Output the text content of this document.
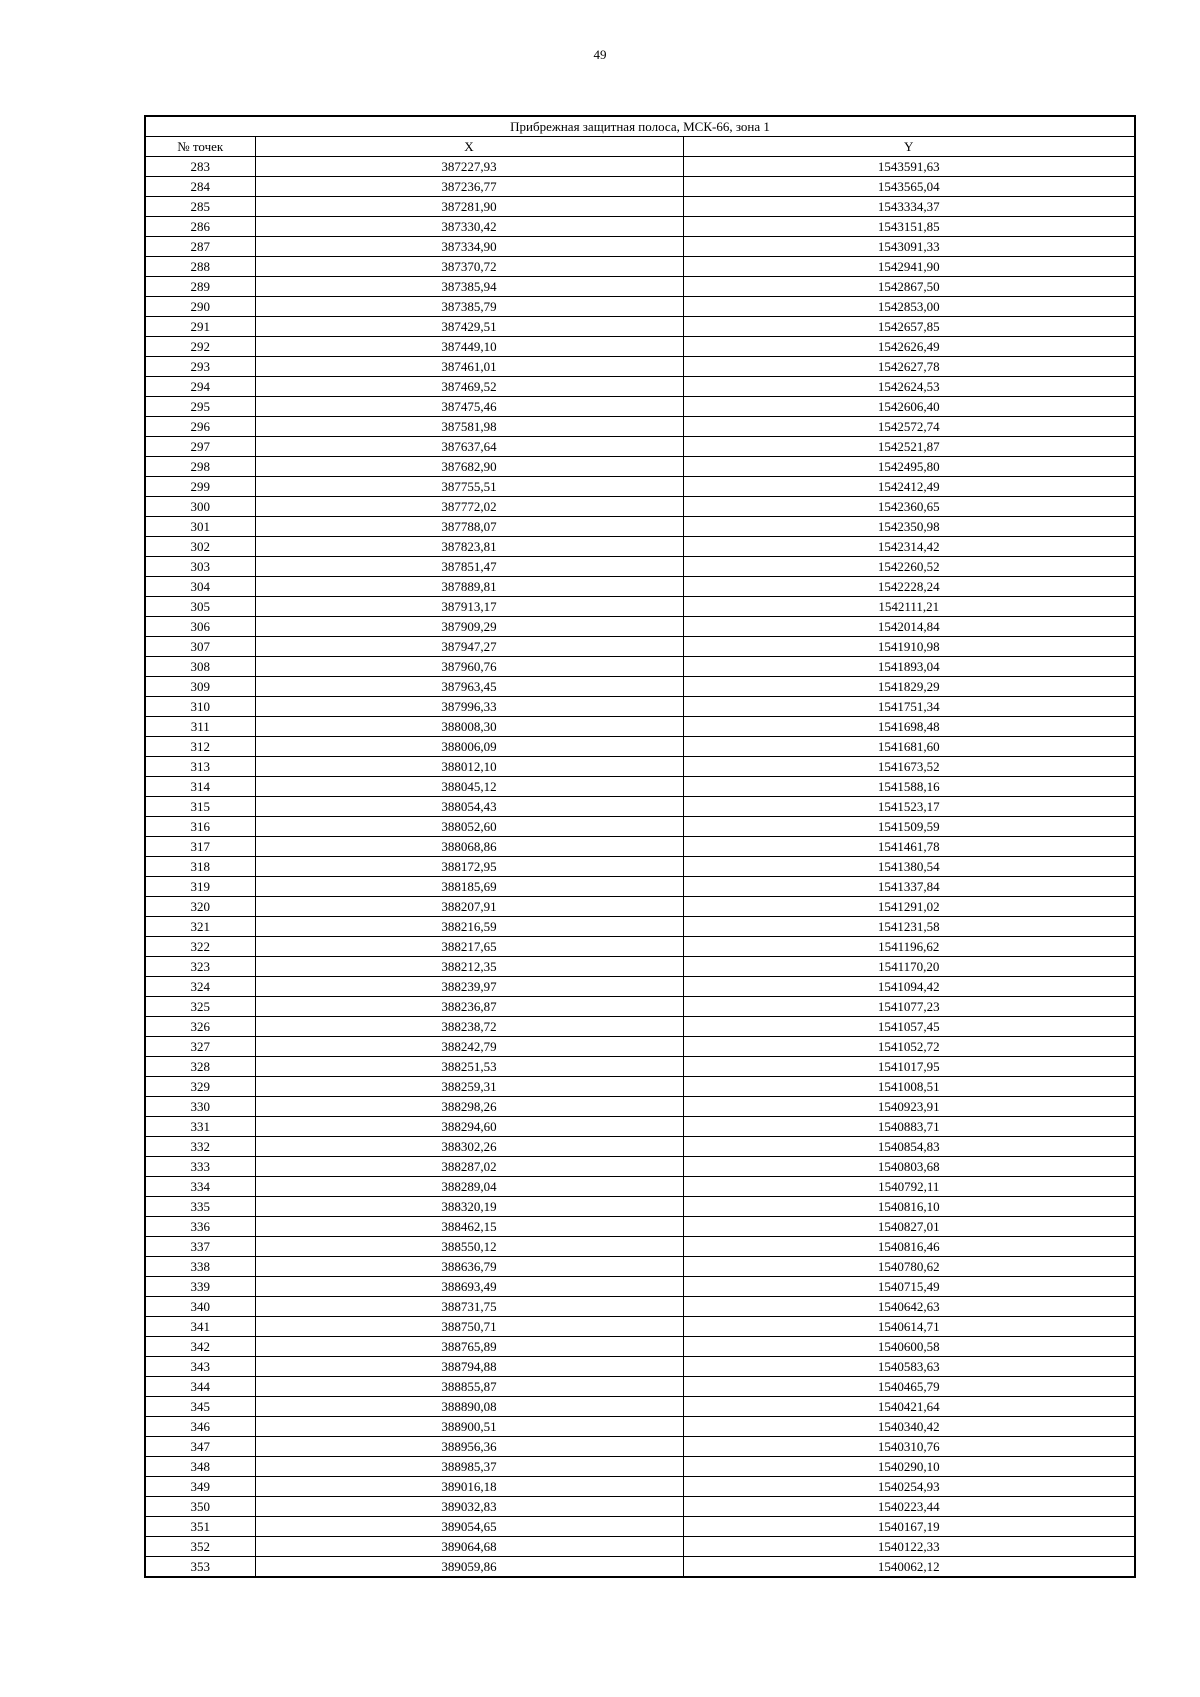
49
Прибрежная защитная полоса, МСК-66, зона 1		
№ точек	X	Y
283	387227,93	1543591,63
284	387236,77	1543565,04
285	387281,90	1543334,37
286	387330,42	1543151,85
287	387334,90	1543091,33
288	387370,72	1542941,90
289	387385,94	1542867,50
290	387385,79	1542853,00
291	387429,51	1542657,85
292	387449,10	1542626,49
293	387461,01	1542627,78
294	387469,52	1542624,53
295	387475,46	1542606,40
296	387581,98	1542572,74
297	387637,64	1542521,87
298	387682,90	1542495,80
299	387755,51	1542412,49
300	387772,02	1542360,65
301	387788,07	1542350,98
302	387823,81	1542314,42
303	387851,47	1542260,52
304	387889,81	1542228,24
305	387913,17	1542111,21
306	387909,29	1542014,84
307	387947,27	1541910,98
308	387960,76	1541893,04
309	387963,45	1541829,29
310	387996,33	1541751,34
311	388008,30	1541698,48
312	388006,09	1541681,60
313	388012,10	1541673,52
314	388045,12	1541588,16
315	388054,43	1541523,17
316	388052,60	1541509,59
317	388068,86	1541461,78
318	388172,95	1541380,54
319	388185,69	1541337,84
320	388207,91	1541291,02
321	388216,59	1541231,58
322	388217,65	1541196,62
323	388212,35	1541170,20
324	388239,97	1541094,42
325	388236,87	1541077,23
326	388238,72	1541057,45
327	388242,79	1541052,72
328	388251,53	1541017,95
329	388259,31	1541008,51
330	388298,26	1540923,91
331	388294,60	1540883,71
332	388302,26	1540854,83
333	388287,02	1540803,68
334	388289,04	1540792,11
335	388320,19	1540816,10
336	388462,15	1540827,01
337	388550,12	1540816,46
338	388636,79	1540780,62
339	388693,49	1540715,49
340	388731,75	1540642,63
341	388750,71	1540614,71
342	388765,89	1540600,58
343	388794,88	1540583,63
344	388855,87	1540465,79
345	388890,08	1540421,64
346	388900,51	1540340,42
347	388956,36	1540310,76
348	388985,37	1540290,10
349	389016,18	1540254,93
350	389032,83	1540223,44
351	389054,65	1540167,19
352	389064,68	1540122,33
353	389059,86	1540062,12
